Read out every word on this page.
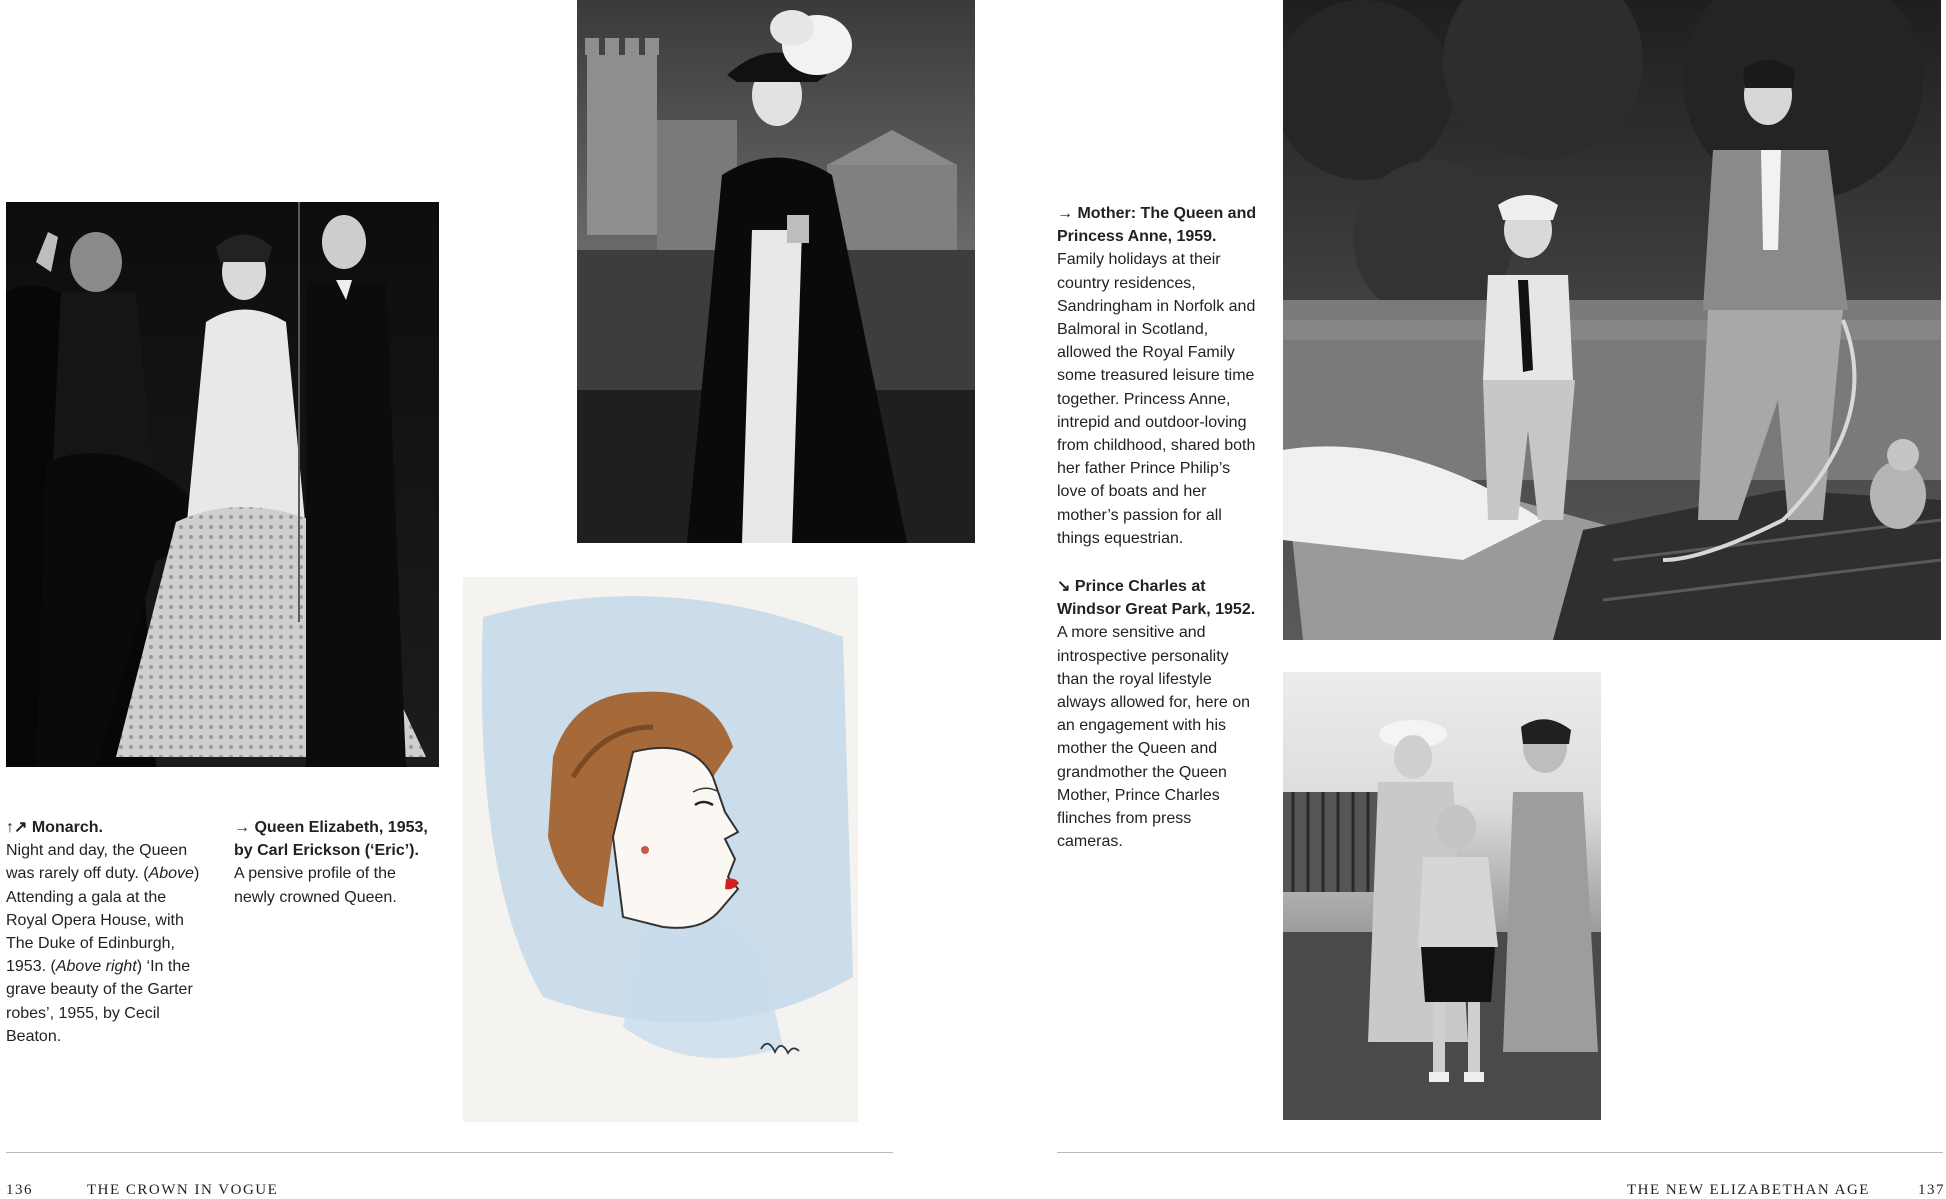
↑↗ Monarch.
Night and day, the Queen was rarely off duty. (Above) Attending a gala at the Royal Opera House, with The Duke of Edinburgh, 1953. (Above right) ‘In the grave beauty of the Garter robes’, 1955, by Cecil Beaton.
→ Queen Elizabeth, 1953, by Carl Erickson (‘Eric’).
A pensive profile of the newly crowned Queen.
→ Mother: The Queen and Princess Anne, 1959.
Family holidays at their country residences, Sandringham in Norfolk and Balmoral in Scotland, allowed the Royal Family some treasured leisure time together. Princess Anne, intrepid and outdoor-loving from childhood, shared both her father Prince Philip’s love of boats and her mother’s passion for all things equestrian.
↘ Prince Charles at Windsor Great Park, 1952.
A more sensitive and introspective personality than the royal lifestyle always allowed for, here on an engagement with his mother the Queen and grandmother the Queen Mother, Prince Charles flinches from press cameras.
136	THE CROWN IN VOGUE	THE NEW ELIZABETHAN AGE	137
